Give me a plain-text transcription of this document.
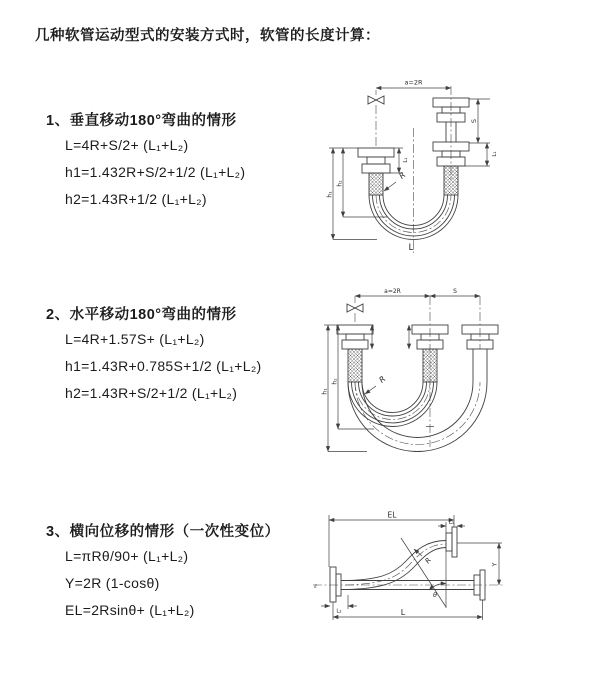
几种软管运动型式的安装方式时，软管的长度计算：
1、垂直移动180°弯曲的情形
L=4R+S/2+ (L₁+L₂)
h1=1.432R+S/2+1/2 (L₁+L₂)
h2=1.43R+1/2 (L₁+L₂)
2、水平移动180°弯曲的情形
L=4R+1.57S+ (L₁+L₂)
h1=1.43R+0.785S+1/2 (L₁+L₂)
h2=1.43R+S/2+1/2 (L₁+L₂)
3、横向位移的情形（一次性变位）
L=πRθ/90+ (L₁+L₂)
Y=2R (1-cosθ)
EL=2Rsinθ+ (L₁+L₂)
a=2R
S
L₁
L₁
h₁
h₂
R
L
a=2R	S
h₁
h₂	R
z
EL
L₁
θ
R	Y
L
L₂
